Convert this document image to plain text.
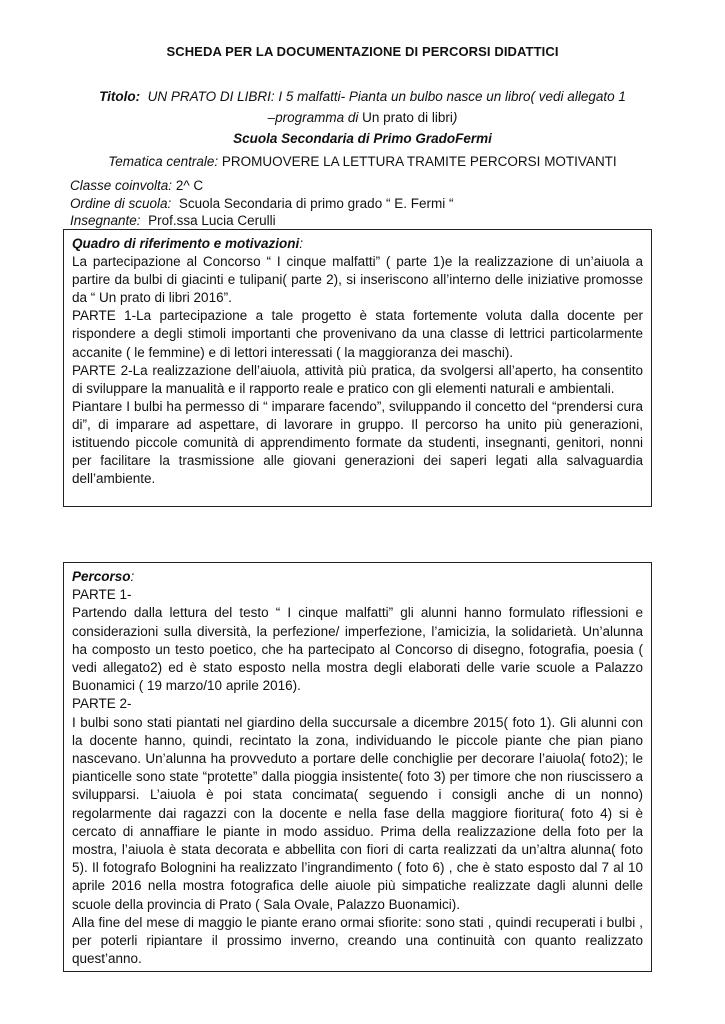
SCHEDA PER LA DOCUMENTAZIONE DI PERCORSI DIDATTICI
Titolo: UN PRATO DI LIBRI: I 5 malfatti- Pianta un bulbo nasce un libro( vedi allegato 1
–programma di Un prato di libri)
Scuola Secondaria di Primo GradoFermi
Tematica centrale: PROMUOVERE LA LETTURA TRAMITE PERCORSI MOTIVANTI
Classe coinvolta: 2^ C
Ordine di scuola: Scuola Secondaria di primo grado “ E. Fermi “
Insegnante: Prof.ssa Lucia Cerulli

Quadro di riferimento e motivazioni:

La partecipazione al Concorso “ I cinque malfatti” ( parte 1)e la realizzazione di un’aiuola a partire da bulbi di giacinti e tulipani( parte 2), si inseriscono all’interno delle iniziative promosse da “ Un prato di libri 2016”.

PARTE 1-La partecipazione a tale progetto è stata fortemente voluta dalla docente per rispondere a degli stimoli importanti che provenivano da una classe di lettrici particolarmente accanite ( le femmine) e di lettori interessati ( la maggioranza dei maschi).

PARTE 2-La realizzazione dell’aiuola, attività più pratica, da svolgersi all’aperto, ha consentito di sviluppare la manualità e il rapporto reale e pratico con gli elementi naturali e ambientali.

Piantare I bulbi ha permesso di “ imparare facendo”, sviluppando il concetto del “prendersi cura di”, di imparare ad aspettare, di lavorare in gruppo. Il percorso ha unito più generazioni, istituendo piccole comunità di apprendimento formate da studenti, insegnanti, genitori, nonni per facilitare la trasmissione alle giovani generazioni dei saperi legati alla salvaguardia dell’ambiente.

Percorso:

PARTE 1-

Partendo dalla lettura del testo “ I cinque malfatti” gli alunni hanno formulato riflessioni e considerazioni sulla diversità, la perfezione/ imperfezione, l’amicizia, la solidarietà. Un’alunna ha composto un testo poetico, che ha partecipato al Concorso di disegno, fotografia, poesia ( vedi allegato2) ed è stato esposto nella mostra degli elaborati delle varie scuole a Palazzo Buonamici ( 19 marzo/10 aprile 2016).

PARTE 2-

I bulbi sono stati piantati nel giardino della succursale a dicembre 2015( foto 1). Gli alunni con la docente hanno, quindi, recintato la zona, individuando le piccole piante che pian piano nascevano. Un’alunna ha provveduto a portare delle conchiglie per decorare l’aiuola( foto2); le pianticelle sono state “protette” dalla pioggia insistente( foto 3) per timore che non riuscissero a svilupparsi. L’aiuola è poi stata concimata( seguendo i consigli anche di un nonno) regolarmente dai ragazzi con la docente e nella fase della maggiore fioritura( foto 4) si è cercato di annaffiare le piante in modo assiduo. Prima della realizzazione della foto per la mostra, l’aiuola è stata decorata e abbellita con fiori di carta realizzati da un’altra alunna( foto 5). Il fotografo Bolognini ha realizzato l’ingrandimento ( foto 6) , che è stato esposto dal 7 al 10 aprile 2016 nella mostra fotografica delle aiuole più simpatiche realizzate dagli alunni delle scuole della provincia di Prato ( Sala Ovale, Palazzo Buonamici).

Alla fine del mese di maggio le piante erano ormai sfiorite: sono stati , quindi recuperati i bulbi , per poterli ripiantare il prossimo inverno, creando una continuità con quanto realizzato quest’anno.
